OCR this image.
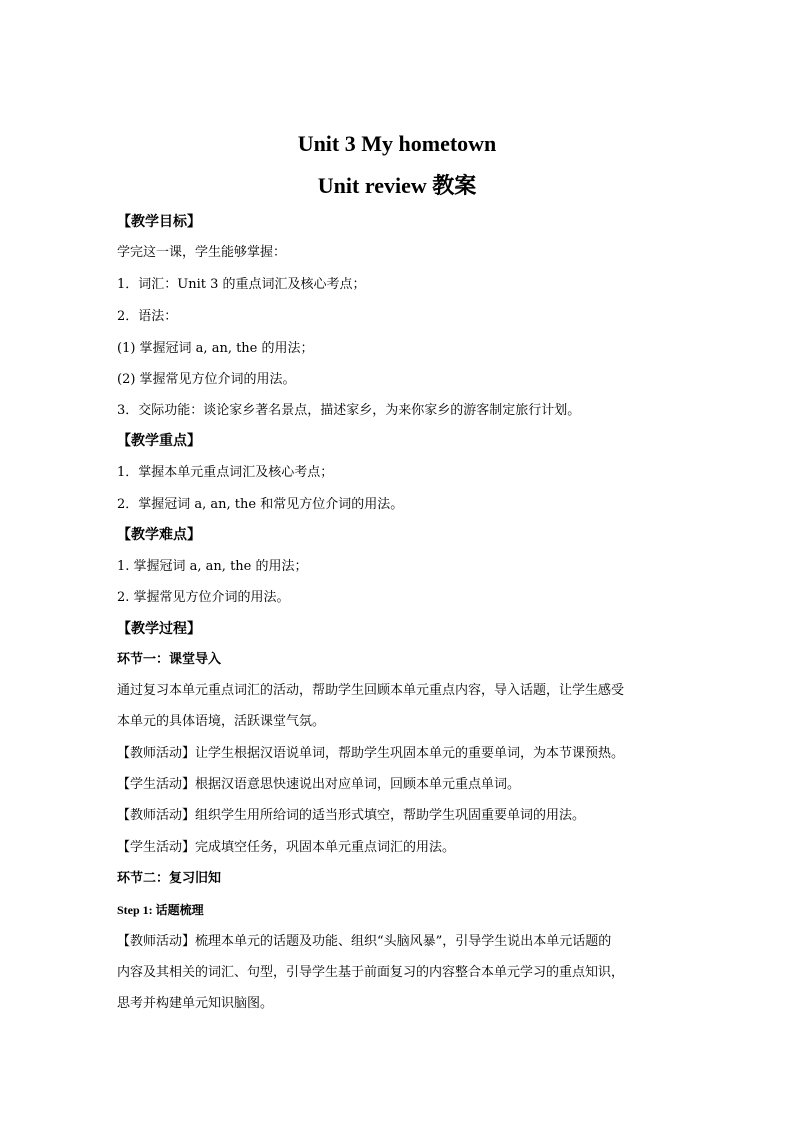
Unit 3 My hometown
Unit review 教案
【教学目标】
学完这一课，学生能够掌握：
1．词汇：Unit 3 的重点词汇及核心考点；
2．语法：
(1) 掌握冠词 a, an, the 的用法；
(2) 掌握常见方位介词的用法。
3．交际功能：谈论家乡著名景点，描述家乡，为来你家乡的游客制定旅行计划。
【教学重点】
1．掌握本单元重点词汇及核心考点；
2．掌握冠词 a, an, the 和常见方位介词的用法。
【教学难点】
1. 掌握冠词 a, an, the 的用法；
2. 掌握常见方位介词的用法。
【教学过程】
环节一：课堂导入
通过复习本单元重点词汇的活动，帮助学生回顾本单元重点内容，导入话题，让学生感受
本单元的具体语境，活跃课堂气氛。
【教师活动】让学生根据汉语说单词，帮助学生巩固本单元的重要单词，为本节课预热。
【学生活动】根据汉语意思快速说出对应单词，回顾本单元重点单词。
【教师活动】组织学生用所给词的适当形式填空，帮助学生巩固重要单词的用法。
【学生活动】完成填空任务，巩固本单元重点词汇的用法。
环节二：复习旧知
Step 1: 话题梳理
【教师活动】梳理本单元的话题及功能、组织“头脑风暴”，引导学生说出本单元话题的
内容及其相关的词汇、句型，引导学生基于前面复习的内容整合本单元学习的重点知识，
思考并构建单元知识脑图。
